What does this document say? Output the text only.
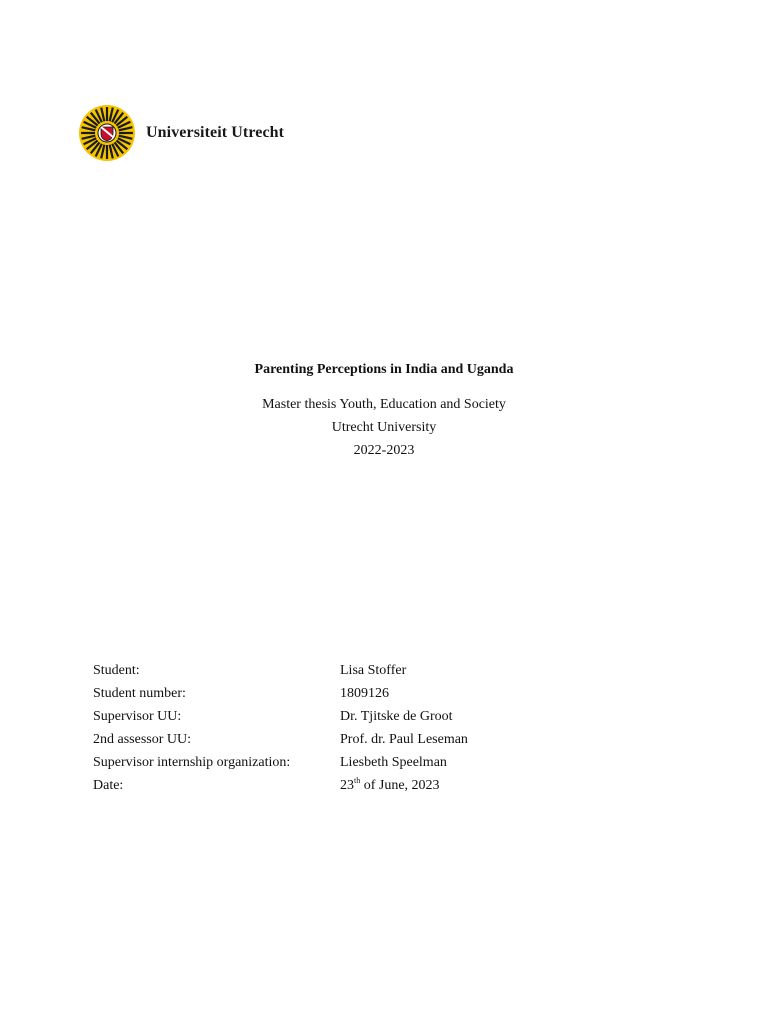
Universiteit Utrecht
Parenting Perceptions in India and Uganda
Master thesis Youth, Education and Society
Utrecht University
2022-2023
Student:	Lisa Stoffer
Student number:	1809126
Supervisor UU:	Dr. Tjitske de Groot
2nd assessor UU:	Prof. dr. Paul Leseman
Supervisor internship organization:	Liesbeth Speelman
Date:	23th of June, 2023
